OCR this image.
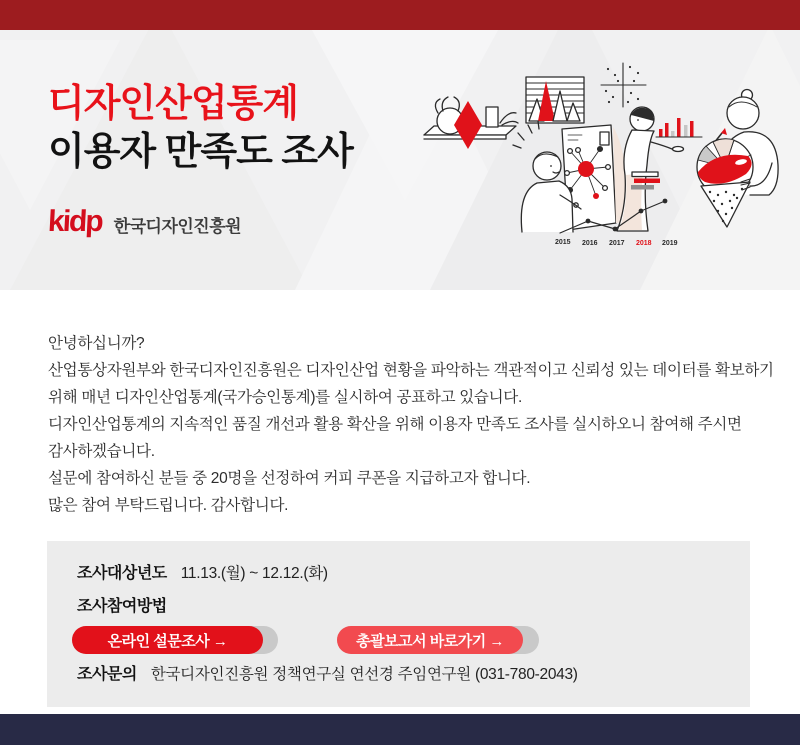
디자인산업통계
이용자 만족도 조사
kidp 한국디자인진흥원
2015 2016 2017 2018 2019
안녕하십니까?
산업통상자원부와 한국디자인진흥원은 디자인산업 현황을 파악하는 객관적이고 신뢰성 있는 데이터를 확보하기
위해 매년 디자인산업통계(국가승인통계)를 실시하여 공표하고 있습니다.
디자인산업통계의 지속적인 품질 개선과 활용 확산을 위해 이용자 만족도 조사를 실시하오니 참여해 주시면
감사하겠습니다.
설문에 참여하신 분들 중 20명을 선정하여 커피 쿠폰을 지급하고자 합니다.
많은 참여 부탁드립니다. 감사합니다.
조사대상년도 11.13.(월) ~ 12.12.(화)
조사참여방법
온라인 설문조사 →	총괄보고서 바로가기 →
조사문의 한국디자인진흥원 정책연구실 연선경 주임연구원 (031-780-2043)
